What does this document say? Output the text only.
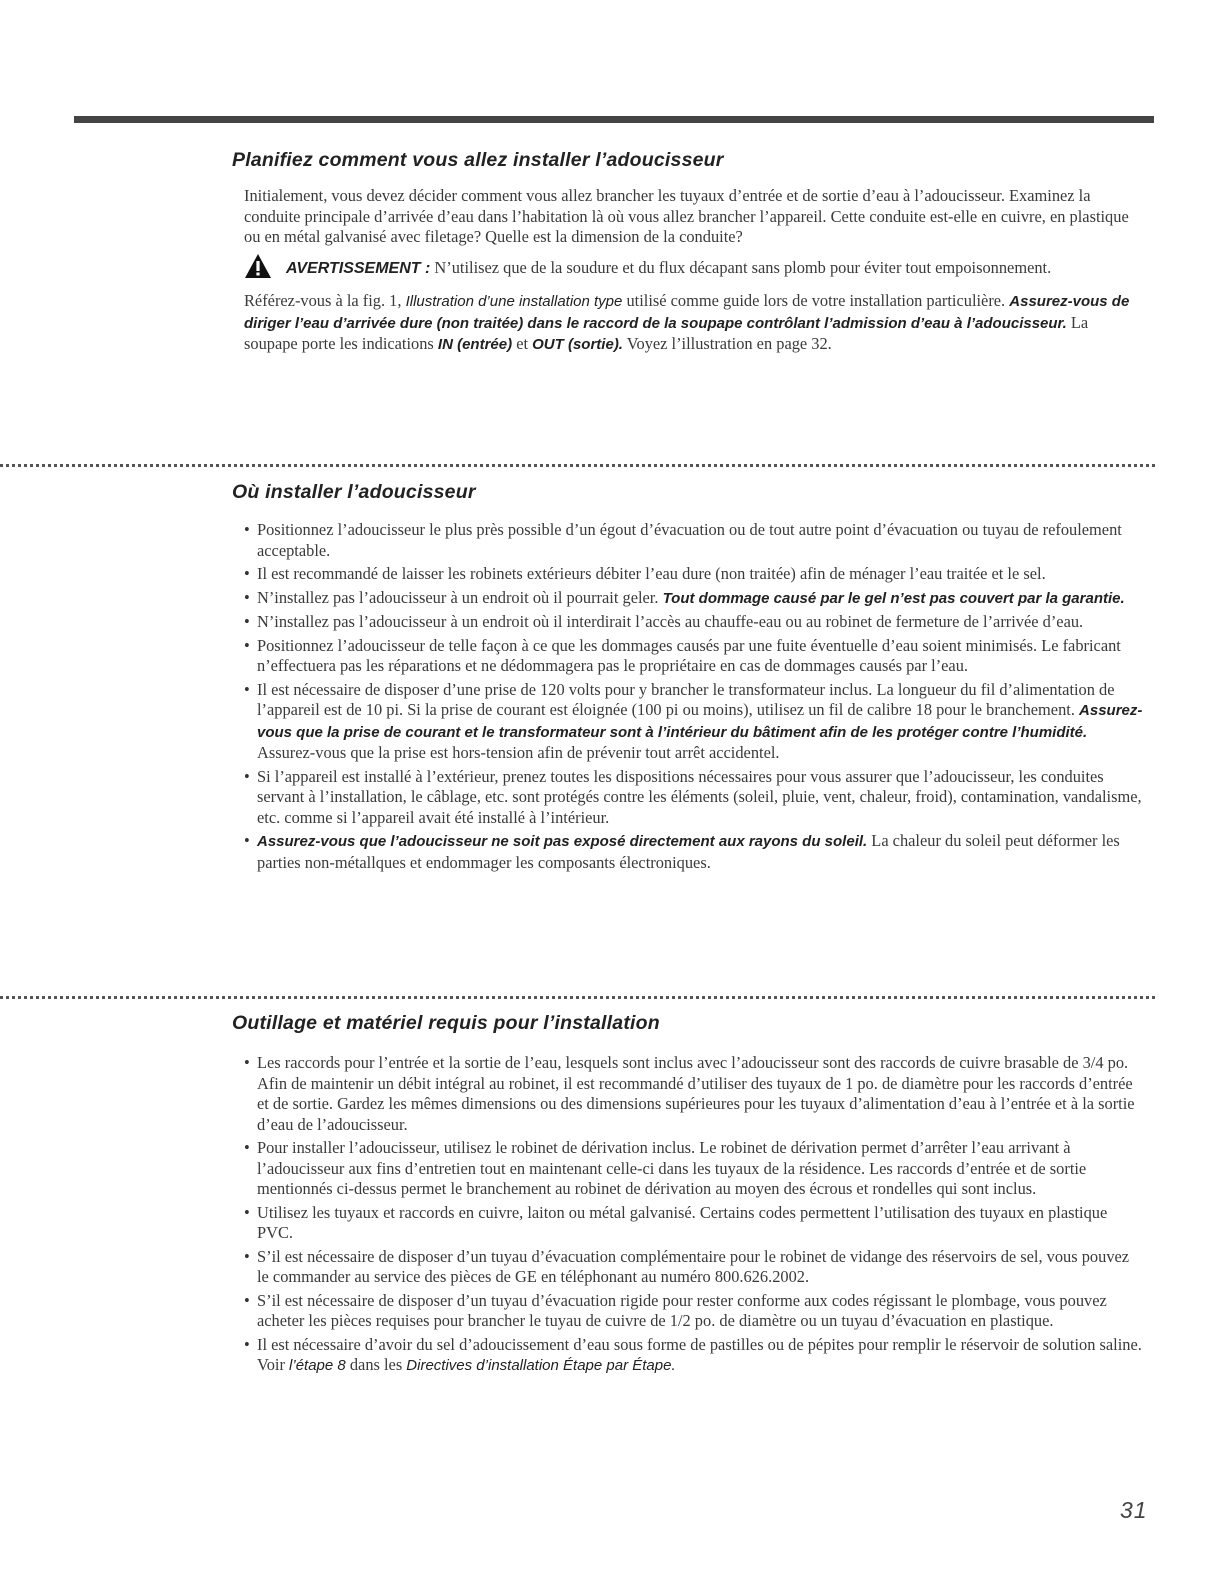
Planifiez comment vous allez installer l’adoucisseur

Initialement, vous devez décider comment vous allez brancher les tuyaux d’entrée et de sortie d’eau à l’adoucisseur. Examinez la conduite principale d’arrivée d’eau dans l’habitation là où vous allez brancher l’appareil. Cette conduite est-elle en cuivre, en plastique ou en métal galvanisé avec filetage? Quelle est la dimension de la conduite?

AVERTISSEMENT : N’utilisez que de la soudure et du flux décapant sans plomb pour éviter tout empoisonnement.

Référez-vous à la fig. 1, Illustration d’une installation type utilisé comme guide lors de votre installation particulière. Assurez-vous de diriger l’eau d’arrivée dure (non traitée) dans le raccord de la soupape contrôlant l’admission d’eau à l’adoucisseur. La soupape porte les indications IN (entrée) et OUT (sortie). Voyez l’illustration en page 32.

Où installer l’adoucisseur
• Positionnez l’adoucisseur le plus près possible d’un égout d’évacuation ou de tout autre point d’évacuation ou tuyau de refoulement acceptable.
• Il est recommandé de laisser les robinets extérieurs débiter l’eau dure (non traitée) afin de ménager l’eau traitée et le sel.
• N’installez pas l’adoucisseur à un endroit où il pourrait geler. Tout dommage causé par le gel n’est pas couvert par la garantie.
• N’installez pas l’adoucisseur à un endroit où il interdirait l’accès au chauffe-eau ou au robinet de fermeture de l’arrivée d’eau.
• Positionnez l’adoucisseur de telle façon à ce que les dommages causés par une fuite éventuelle d’eau soient minimisés. Le fabricant n’effectuera pas les réparations et ne dédommagera pas le propriétaire en cas de dommages causés par l’eau.
• Il est nécessaire de disposer d’une prise de 120 volts pour y brancher le transformateur inclus. La longueur du fil d’alimentation de l’appareil est de 10 pi. Si la prise de courant est éloignée (100 pi ou moins), utilisez un fil de calibre 18 pour le branchement. Assurez-vous que la prise de courant et le transformateur sont à l’intérieur du bâtiment afin de les protéger contre l’humidité. Assurez-vous que la prise est hors-tension afin de prévenir tout arrêt accidentel.
• Si l’appareil est installé à l’extérieur, prenez toutes les dispositions nécessaires pour vous assurer que l’adoucisseur, les conduites servant à l’installation, le câblage, etc. sont protégés contre les éléments (soleil, pluie, vent, chaleur, froid), contamination, vandalisme, etc. comme si l’appareil avait été installé à l’intérieur.
• Assurez-vous que l’adoucisseur ne soit pas exposé directement aux rayons du soleil. La chaleur du soleil peut déformer les parties non-métallques et endommager les composants électroniques.
Outillage et matériel requis pour l’installation
• Les raccords pour l’entrée et la sortie de l’eau, lesquels sont inclus avec l’adoucisseur sont des raccords de cuivre brasable de 3/4 po. Afin de maintenir un débit intégral au robinet, il est recommandé d’utiliser des tuyaux de 1 po. de diamètre pour les raccords d’entrée et de sortie. Gardez les mêmes dimensions ou des dimensions supérieures pour les tuyaux d’alimentation d’eau à l’entrée et à la sortie d’eau de l’adoucisseur.
• Pour installer l’adoucisseur, utilisez le robinet de dérivation inclus. Le robinet de dérivation permet d’arrêter l’eau arrivant à l’adoucisseur aux fins d’entretien tout en maintenant celle-ci dans les tuyaux de la résidence. Les raccords d’entrée et de sortie mentionnés ci-dessus permet le branchement au robinet de dérivation au moyen des écrous et rondelles qui sont inclus.
• Utilisez les tuyaux et raccords en cuivre, laiton ou métal galvanisé. Certains codes permettent l’utilisation des tuyaux en plastique PVC.
• S’il est nécessaire de disposer d’un tuyau d’évacuation complémentaire pour le robinet de vidange des réservoirs de sel, vous pouvez le commander au service des pièces de GE en téléphonant au numéro 800.626.2002.
• S’il est nécessaire de disposer d’un tuyau d’évacuation rigide pour rester conforme aux codes régissant le plombage, vous pouvez acheter les pièces requises pour brancher le tuyau de cuivre de 1/2 po. de diamètre ou un tuyau d’évacuation en plastique.
• Il est nécessaire d’avoir du sel d’adoucissement d’eau sous forme de pastilles ou de pépites pour remplir le réservoir de solution saline. Voir l’étape 8 dans les Directives d’installation Étape par Étape.
31
